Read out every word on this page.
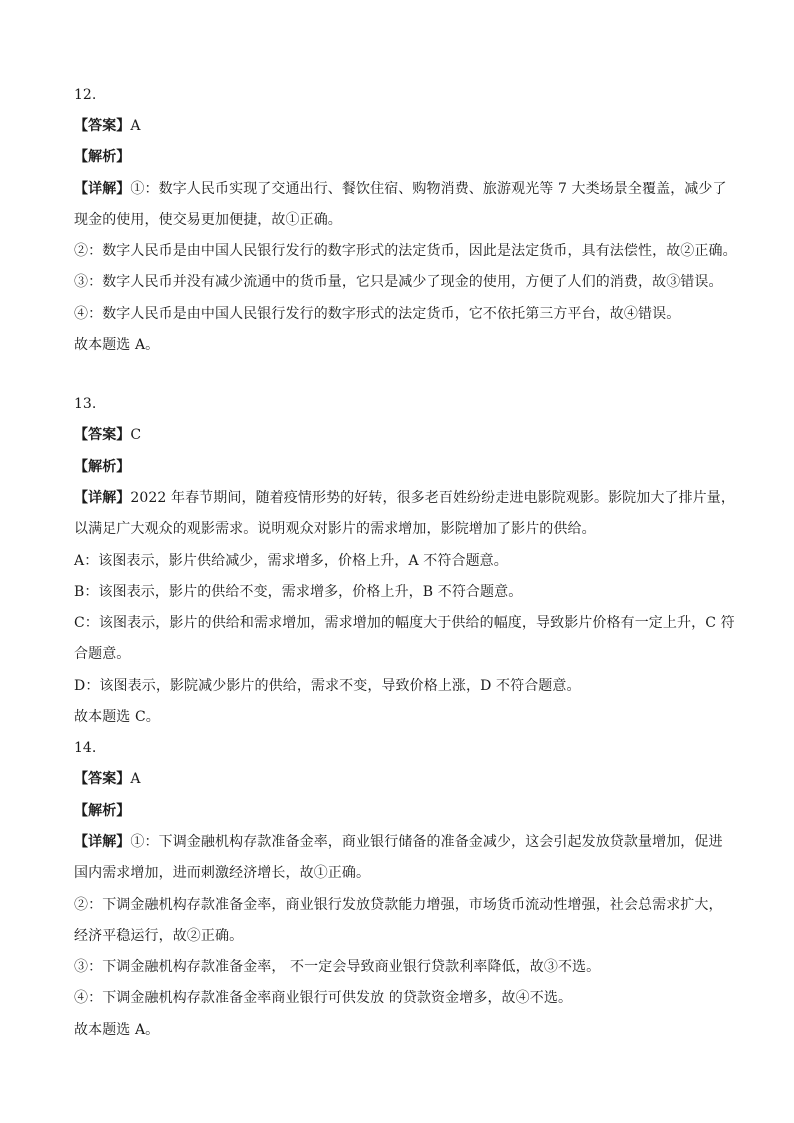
12.
【答案】A
【解析】
【详解】①：数字人民币实现了交通出行、餐饮住宿、购物消费、旅游观光等 7 大类场景全覆盖，减少了
现金的使用，使交易更加便捷，故①正确。
②：数字人民币是由中国人民银行发行的数字形式的法定货币，因此是法定货币，具有法偿性，故②正确。
③：数字人民币并没有减少流通中的货币量，它只是减少了现金的使用，方便了人们的消费，故③错误。
④：数字人民币是由中国人民银行发行的数字形式的法定货币，它不依托第三方平台，故④错误。
故本题选 A。
13.
【答案】C
【解析】
【详解】2022 年春节期间，随着疫情形势的好转，很多老百姓纷纷走进电影院观影。影院加大了排片量，
以满足广大观众的观影需求。说明观众对影片的需求增加，影院增加了影片的供给。
A：该图表示，影片供给减少，需求增多，价格上升，A 不符合题意。
B：该图表示，影片的供给不变，需求增多，价格上升，B 不符合题意。
C：该图表示，影片的供给和需求增加，需求增加的幅度大于供给的幅度，导致影片价格有一定上升，C 符
合题意。
D：该图表示，影院减少影片的供给，需求不变，导致价格上涨，D 不符合题意。
故本题选 C。
14.
【答案】A
【解析】
【详解】①：下调金融机构存款准备金率，商业银行储备的准备金减少，这会引起发放贷款量增加，促进
国内需求增加，进而刺激经济增长，故①正确。
②：下调金融机构存款准备金率，商业银行发放贷款能力增强，市场货币流动性增强，社会总需求扩大，
经济平稳运行，故②正确。
③：下调金融机构存款准备金率， 不一定会导致商业银行贷款利率降低，故③不选。
④：下调金融机构存款准备金率商业银行可供发放 的贷款资金增多，故④不选。
故本题选 A。
